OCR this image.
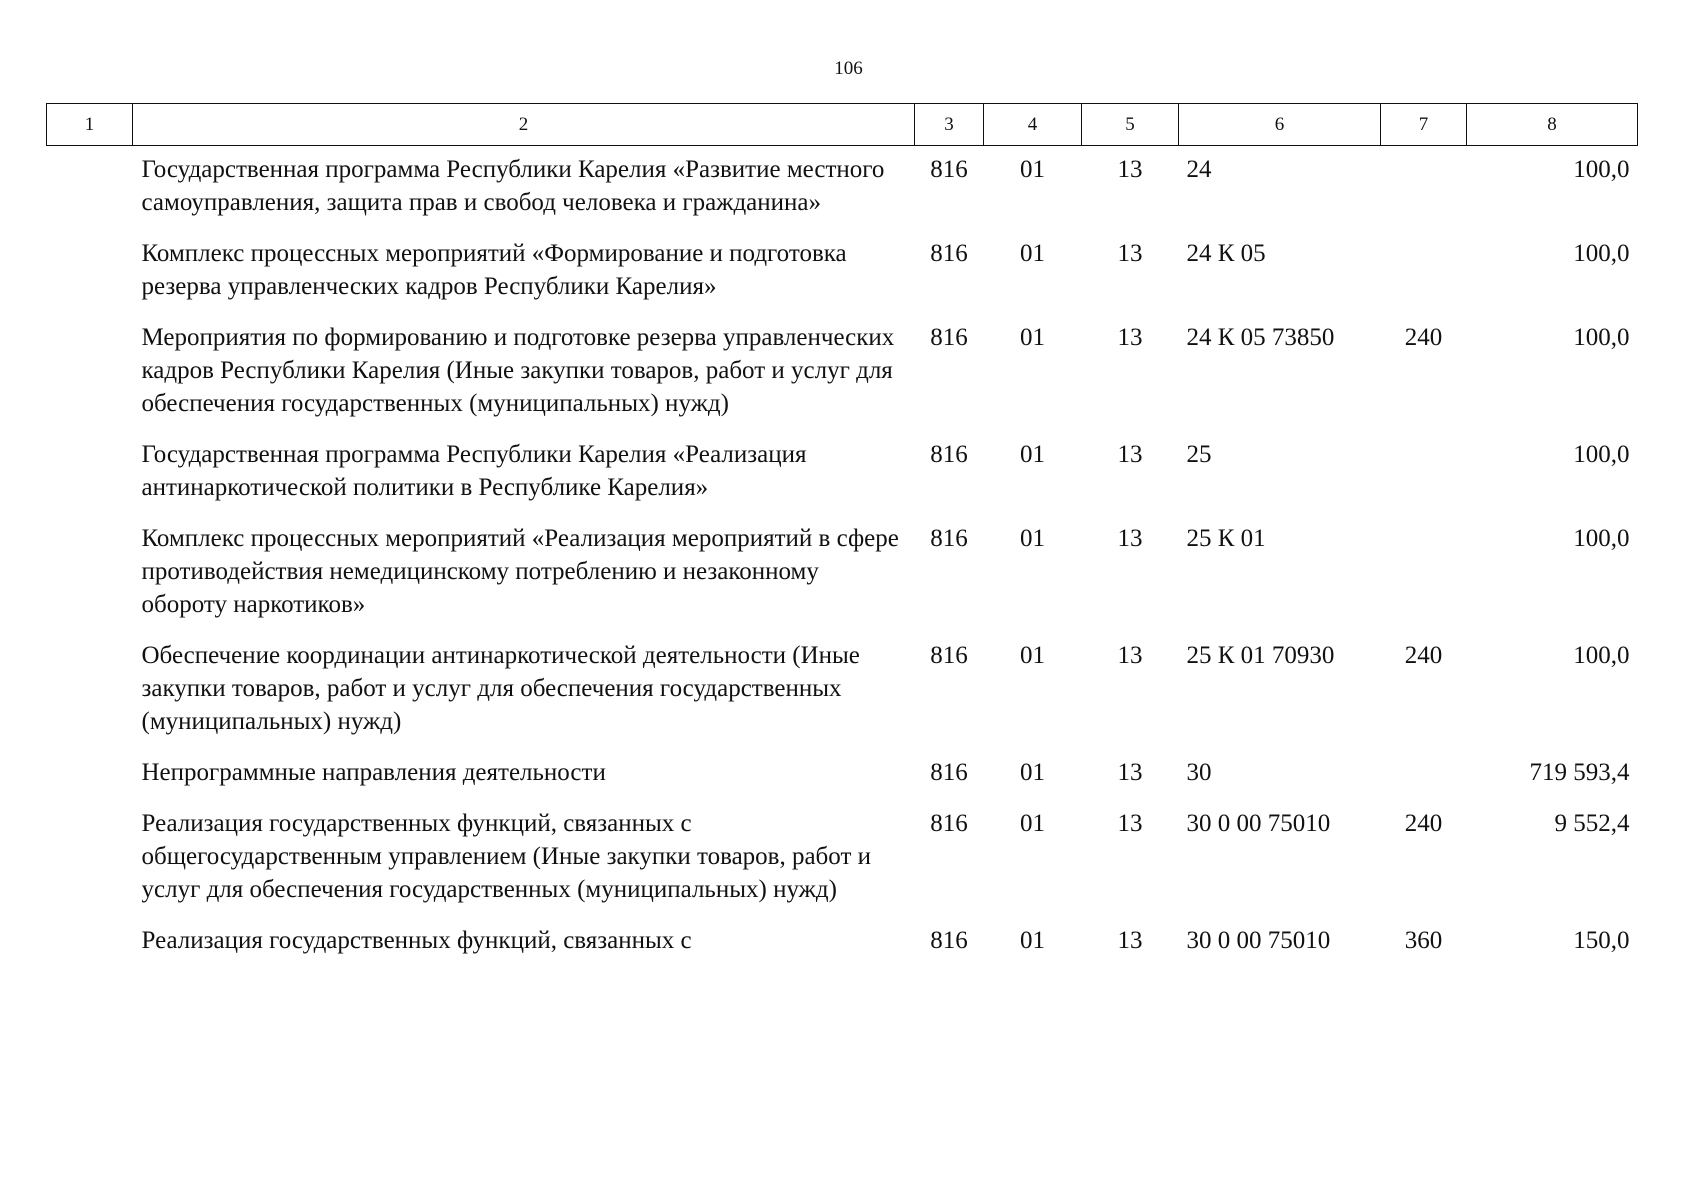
106
1	2	3	4	5	6	7	8
	Государственная программа Республики Карелия «Развитие местного самоуправления, защита прав и свобод человека и гражданина»	816	01	13	24		100,0
	Комплекс процессных мероприятий «Формирование и подготовка резерва управленческих кадров Республики Карелия»	816	01	13	24 К 05		100,0
	Мероприятия по формированию и подготовке резерва управленческих кадров Республики Карелия (Иные закупки товаров, работ и услуг для обеспечения государственных (муниципальных) нужд)	816	01	13	24 К 05 73850	240	100,0
	Государственная программа Республики Карелия «Реализация антинаркотической политики в Республике Карелия»	816	01	13	25		100,0
	Комплекс процессных мероприятий «Реализация мероприятий в сфере противодействия немедицинскому потреблению и незаконному обороту наркотиков»	816	01	13	25 К 01		100,0
	Обеспечение координации антинаркотической деятельности (Иные закупки товаров, работ и услуг для обеспечения государственных (муниципальных) нужд)	816	01	13	25 К 01 70930	240	100,0
	Непрограммные направления деятельности	816	01	13	30		719 593,4
	Реализация государственных функций, связанных с общегосударственным управлением (Иные закупки товаров, работ и услуг для обеспечения государственных (муниципальных) нужд)	816	01	13	30 0 00 75010	240	9 552,4
	Реализация государственных функций, связанных с	816	01	13	30 0 00 75010	360	150,0
